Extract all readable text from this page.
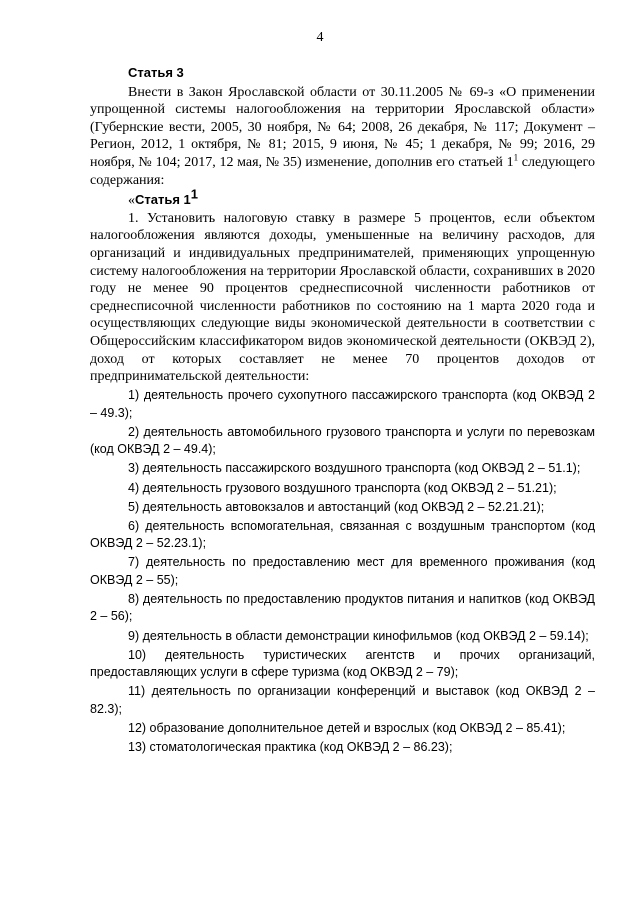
4

Статья 3

Внести в Закон Ярославской области от 30.11.2005 № 69-з «О применении упрощенной системы налогообложения на территории Ярославской области» (Губернские вести, 2005, 30 ноября, № 64; 2008, 26 декабря, № 117; Документ – Регион, 2012, 1 октября, № 81; 2015, 9 июня, № 45; 1 декабря, № 99; 2016, 29 ноября, № 104; 2017, 12 мая, № 35) изменение, дополнив его статьей $1^1$ следующего содержания:

«Статья $1^1$

1. Установить налоговую ставку в размере 5 процентов, если объектом налогообложения являются доходы, уменьшенные на величину расходов, для организаций и индивидуальных предпринимателей, применяющих упрощенную систему налогообложения на территории Ярославской области, сохранивших в 2020 году не менее 90 процентов среднесписочной численности работников от среднесписочной численности работников по состоянию на 1 марта 2020 года и осуществляющих следующие виды экономической деятельности в соответствии с Общероссийским классификатором видов экономической деятельности (ОКВЭД 2), доход от которых составляет не менее 70 процентов доходов от предпринимательской деятельности:

1) деятельность прочего сухопутного пассажирского транспорта (код ОКВЭД 2 – 49.3);

2) деятельность автомобильного грузового транспорта и услуги по перевозкам (код ОКВЭД 2 – 49.4);

3) деятельность пассажирского воздушного транспорта (код ОКВЭД 2 – 51.1);

4) деятельность грузового воздушного транспорта (код ОКВЭД 2 – 51.21);

5) деятельность автовокзалов и автостанций (код ОКВЭД 2 – 52.21.21);

6) деятельность вспомогательная, связанная с воздушным транспортом (код ОКВЭД 2 – 52.23.1);

7) деятельность по предоставлению мест для временного проживания (код ОКВЭД 2 – 55);

8) деятельность по предоставлению продуктов питания и напитков (код ОКВЭД 2 – 56);

9) деятельность в области демонстрации кинофильмов (код ОКВЭД 2 – 59.14);

10) деятельность туристических агентств и прочих организаций, предоставляющих услуги в сфере туризма (код ОКВЭД 2 – 79);

11) деятельность по организации конференций и выставок (код ОКВЭД 2 – 82.3);

12) образование дополнительное детей и взрослых (код ОКВЭД 2 – 85.41);

13) стоматологическая практика (код ОКВЭД 2 – 86.23);
